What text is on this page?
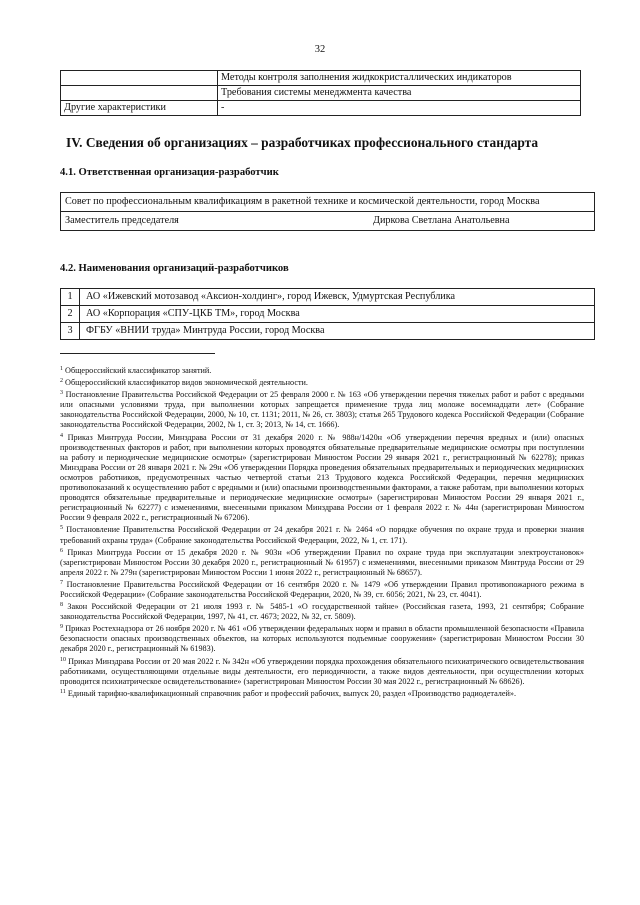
32
	Методы контроля заполнения жидкокристаллических индикаторов
	Требования системы менеджмента качества
Другие характеристики	-
IV. Сведения об организациях – разработчиках профессионального стандарта
4.1. Ответственная организация-разработчик
Совет по профессиональным квалификациям в ракетной технике и космической деятельности, город Москва
Заместитель председателя	Диркова Светлана Анатольевна
4.2. Наименования организаций-разработчиков
1	АО «Ижевский мотозавод «Аксион-холдинг», город Ижевск, Удмуртская Республика
2	АО «Корпорация «СПУ-ЦКБ ТМ», город Москва
3	ФГБУ «ВНИИ труда» Минтруда России, город Москва

$^1$ Общероссийский классификатор занятий.

$^2$ Общероссийский классификатор видов экономической деятельности.

$^3$ Постановление Правительства Российской Федерации от 25 февраля 2000 г. № 163 «Об утверждении перечня тяжелых работ и работ с вредными или опасными условиями труда, при выполнении которых запрещается применение труда лиц моложе восемнадцати лет» (Собрание законодательства Российской Федерации, 2000, № 10, ст. 1131; 2011, № 26, ст. 3803); статья 265 Трудового кодекса Российской Федерации (Собрание законодательства Российской Федерации, 2002, № 1, ст. 3; 2013, № 14, ст. 1666).

$^4$ Приказ Минтруда России, Минздрава России от 31 декабря 2020 г. № 988н/1420н «Об утверждении перечня вредных и (или) опасных производственных факторов и работ, при выполнении которых проводятся обязательные предварительные медицинские осмотры при поступлении на работу и периодические медицинские осмотры» (зарегистрирован Минюстом России 29 января 2021 г., регистрационный № 62278); приказ Минздрава России от 28 января 2021 г. № 29н «Об утверждении Порядка проведения обязательных предварительных и периодических медицинских осмотров работников, предусмотренных частью четвертой статьи 213 Трудового кодекса Российской Федерации, перечня медицинских противопоказаний к осуществлению работ с вредными и (или) опасными производственными факторами, а также работам, при выполнении которых проводятся обязательные предварительные и периодические медицинские осмотры» (зарегистрирован Минюстом России 29 января 2021 г., регистрационный № 62277) с изменениями, внесенными приказом Минздрава России от 1 февраля 2022 г. № 44н (зарегистрирован Минюстом России 9 февраля 2022 г., регистрационный № 67206).

$^5$ Постановление Правительства Российской Федерации от 24 декабря 2021 г. № 2464 «О порядке обучения по охране труда и проверки знания требований охраны труда» (Собрание законодательства Российской Федерации, 2022, № 1, ст. 171).

$^6$ Приказ Минтруда России от 15 декабря 2020 г. № 903н «Об утверждении Правил по охране труда при эксплуатации электроустановок» (зарегистрирован Минюстом России 30 декабря 2020 г., регистрационный № 61957) с изменениями, внесенными приказом Минтруда России от 29 апреля 2022 г. № 279н (зарегистрирован Минюстом России 1 июня 2022 г., регистрационный № 68657).

$^7$ Постановление Правительства Российской Федерации от 16 сентября 2020 г. № 1479 «Об утверждении Правил противопожарного режима в Российской Федерации» (Собрание законодательства Российской Федерации, 2020, № 39, ст. 6056; 2021, № 23, ст. 4041).

$^8$ Закон Российской Федерации от 21 июля 1993 г. № 5485-1 «О государственной тайне» (Российская газета, 1993, 21 сентября; Собрание законодательства Российской Федерации, 1997, № 41, ст. 4673; 2022, № 32, ст. 5809).

$^9$ Приказ Ростехнадзора от 26 ноября 2020 г. № 461 «Об утверждении федеральных норм и правил в области промышленной безопасности «Правила безопасности опасных производственных объектов, на которых используются подъемные сооружения» (зарегистрирован Минюстом России 30 декабря 2020 г., регистрационный № 61983).

$^{10}$ Приказ Минздрава России от 20 мая 2022 г. № 342н «Об утверждении порядка прохождения обязательного психиатрического освидетельствования работниками, осуществляющими отдельные виды деятельности, его периодичности, а также видов деятельности, при осуществлении которых проводится психиатрическое освидетельствование» (зарегистрирован Минюстом России 30 мая 2022 г., регистрационный № 68626).

$^{11}$ Единый тарифно-квалификационный справочник работ и профессий рабочих, выпуск 20, раздел «Производство радиодеталей».
